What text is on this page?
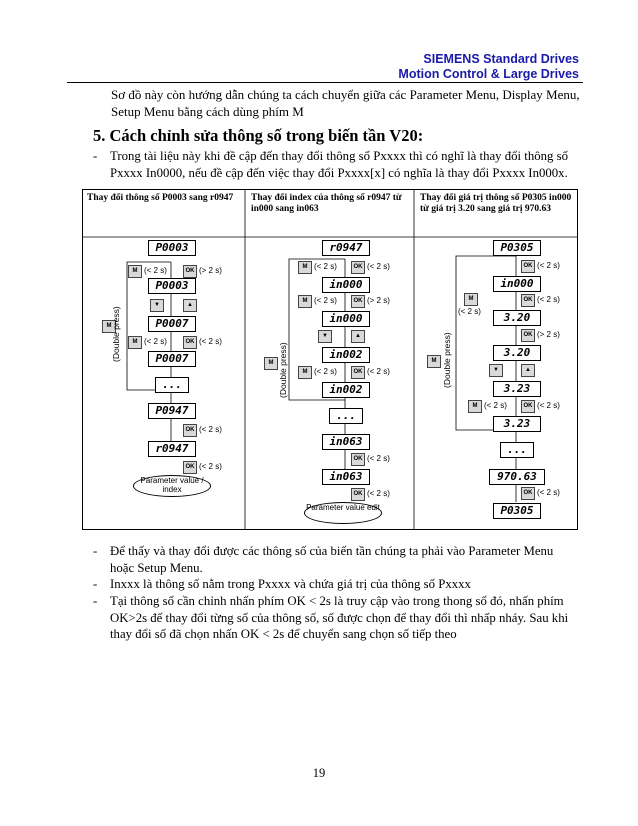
SIEMENS Standard Drives
Motion Control & Large Drives
Sơ đồ này còn hướng dẫn chúng ta cách chuyển giữa các Parameter Menu, Display Menu, Setup Menu bằng cách dùng phím M
5. Cách chỉnh sửa thông số trong biến tần V20:
- Trong tài liệu này khi đề cập đến thay đổi thông số Pxxxx thì có nghĩ là thay đổi thông số Pxxxx In0000, nếu đề cập đến việc thay đổi Pxxxx[x] có nghĩa là thay đổi Pxxxx In000x.
Thay đổi thông số P0003 sang r0947	Thay đổi index của thông số r0947 từ in000 sang in063
Thay đổi giá trị thông số P0305 in000 từ giá trị 3.20 sang giá trị 970.63
P0003
M (< 2 s)	OK (> 2 s)
P0003
▼	▲
P0007
M (< 2 s)	OK (< 2 s)
P0007
...
P0947
OK (< 2 s)
r0947
OK (< 2 s)
Parameter value / index
M (Double press)
r0947
M (< 2 s)	OK (< 2 s)
in000
M (< 2 s)	OK (> 2 s)
in000
▼	▲
in002
M (< 2 s)	OK (< 2 s)
in002
...
in063
OK (< 2 s)
in063
OK (< 2 s)
Parameter value edit
M (Double press)
P0305
OK (< 2 s)
in000
OK (< 2 s)
M
(< 2 s)	3.20
OK (> 2 s)
3.20
▼	▲
3.23
M (< 2 s)	OK (< 2 s)
3.23
...
970.63
OK (< 2 s)
P0305
M (Double press)
- Để thấy và thay đổi được các thông số của biến tần chúng ta phải vào Parameter Menu hoặc Setup Menu.
- Inxxx là thông số nằm trong Pxxxx và chứa giá trị của thông số Pxxxx
- Tại thông số cần chỉnh nhấn phím OK < 2s là truy cập vào trong thong số đó, nhấn phím OK>2s để thay đổi từng số của thông số, số được chọn để thay đổi thì nhấp nháy. Sau khi thay đổi số đã chọn nhấn OK < 2s để chuyển sang chọn số tiếp theo
19
